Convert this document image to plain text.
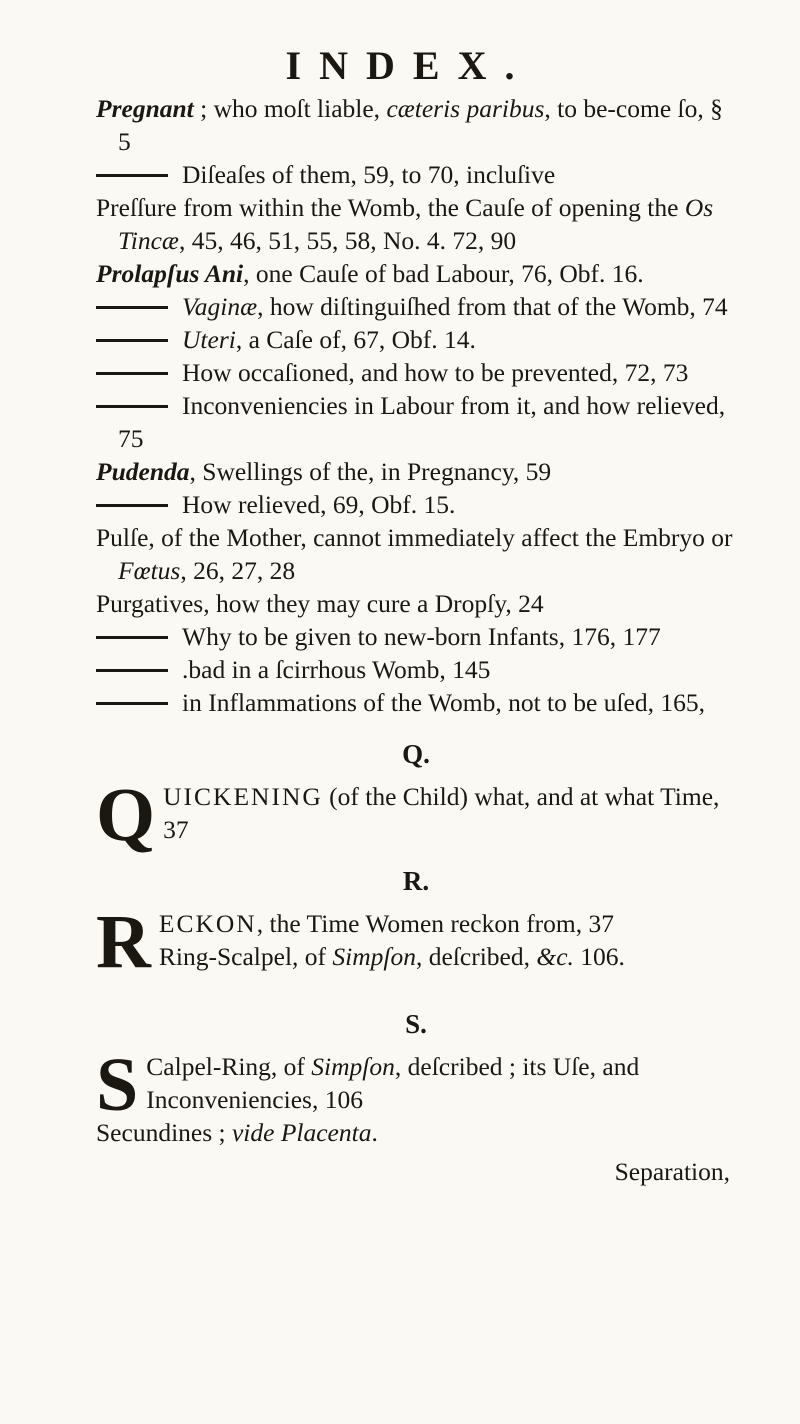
INDEX.

Pregnant ; who moſt liable, cæteris paribus, to be-come ſo, § 5

Diſeaſes of them, 59, to 70, incluſive

Preſſure from within the Womb, the Cauſe of opening the Os Tincæ, 45, 46, 51, 55, 58, No. 4. 72, 90

Prolapſus Ani, one Cauſe of bad Labour, 76, Obf. 16.

Vaginæ, how diſtinguiſhed from that of the Womb, 74

Uteri, a Caſe of, 67, Obf. 14.

How occaſioned, and how to be prevented, 72, 73

Inconveniencies in Labour from it, and how relieved, 75

Pudenda, Swellings of the, in Pregnancy, 59

How relieved, 69, Obf. 15.

Pulſe, of the Mother, cannot immediately affect the Embryo or Fœtus, 26, 27, 28

Purgatives, how they may cure a Dropſy, 24

Why to be given to new-born Infants, 176, 177

.bad in a ſcirrhous Womb, 145

in Inflammations of the Womb, not to be uſed, 165,

Q.
QUICKENING (of the Child) what, and at what Time, 37
R.
RECKON, the Time Women reckon from, 37
Ring-Scalpel, of Simpſon, deſcribed, &c. 106.
S.
S Calpel-Ring, of Simpſon, deſcribed ; its Uſe, and Inconveniencies, 106

Secundines ; vide Placenta.

Separation,
